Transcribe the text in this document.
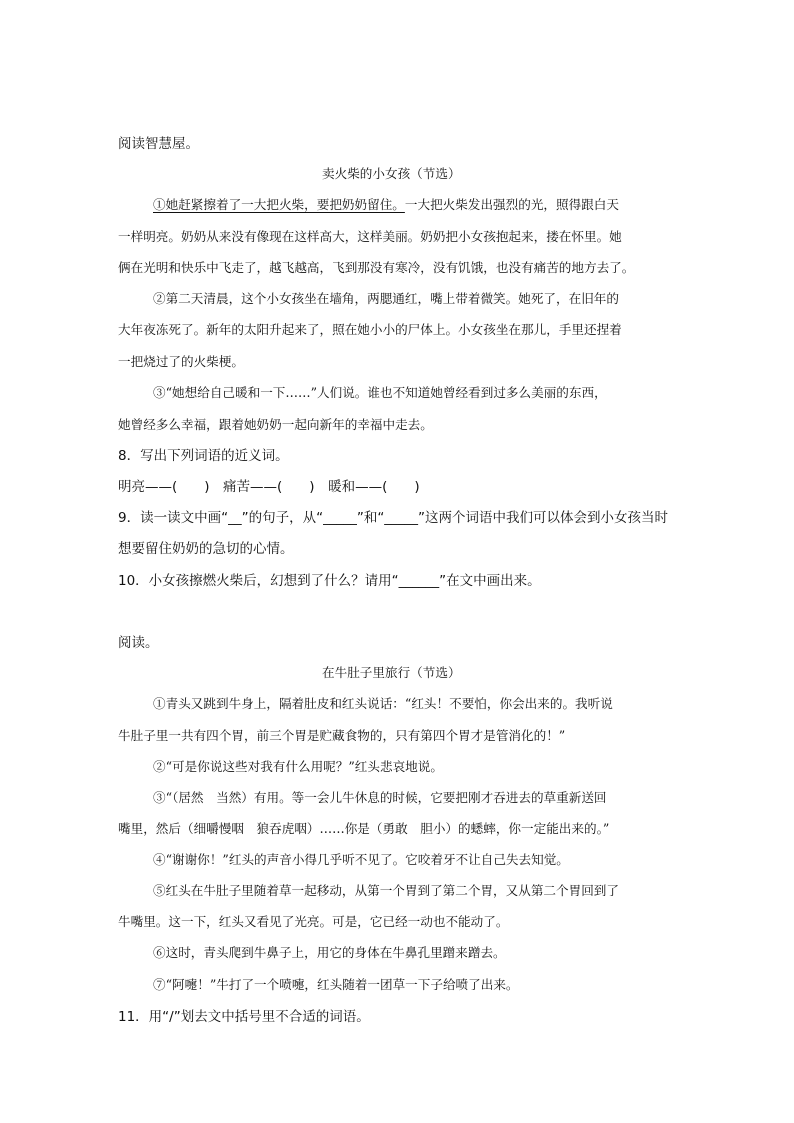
阅读智慧屋。
卖火柴的小女孩（节选）
①她赶紧擦着了一大把火柴，要把奶奶留住。一大把火柴发出强烈的光，照得跟白天
一样明亮。奶奶从来没有像现在这样高大，这样美丽。奶奶把小女孩抱起来，搂在怀里。她
俩在光明和快乐中飞走了，越飞越高，飞到那没有寒冷，没有饥饿，也没有痛苦的地方去了。
②第二天清晨，这个小女孩坐在墙角，两腮通红，嘴上带着微笑。她死了，在旧年的
大年夜冻死了。新年的太阳升起来了，照在她小小的尸体上。小女孩坐在那儿，手里还捏着
一把烧过了的火柴梗。
③“她想给自己暖和一下……”人们说。谁也不知道她曾经看到过多么美丽的东西，
她曾经多么幸福，跟着她奶奶一起向新年的幸福中走去。
8．写出下列词语的近义词。
明亮——(　　)　痛苦——(　　)　暖和——(　　)
9．读一读文中画“__”的句子，从“_____”和“_____”这两个词语中我们可以体会到小女孩当时
想要留住奶奶的急切的心情。
10．小女孩擦燃火柴后，幻想到了什么？请用“______”在文中画出来。
阅读。
在牛肚子里旅行（节选）
①青头又跳到牛身上，隔着肚皮和红头说话：“红头！不要怕，你会出来的。我听说
牛肚子里一共有四个胃，前三个胃是贮藏食物的，只有第四个胃才是管消化的！”
②“可是你说这些对我有什么用呢？”红头悲哀地说。
③“（居然　当然）有用。等一会儿牛休息的时候，它要把刚才吞进去的草重新送回
嘴里，然后（细嚼慢咽　狼吞虎咽）……你是（勇敢　胆小）的蟋蟀，你一定能出来的。”
④“谢谢你！”红头的声音小得几乎听不见了。它咬着牙不让自己失去知觉。
⑤红头在牛肚子里随着草一起移动，从第一个胃到了第二个胃，又从第二个胃回到了
牛嘴里。这一下，红头又看见了光亮。可是，它已经一动也不能动了。
⑥这时，青头爬到牛鼻子上，用它的身体在牛鼻孔里蹭来蹭去。
⑦“阿嚏！”牛打了一个喷嚏，红头随着一团草一下子给喷了出来。
11．用“/”划去文中括号里不合适的词语。
